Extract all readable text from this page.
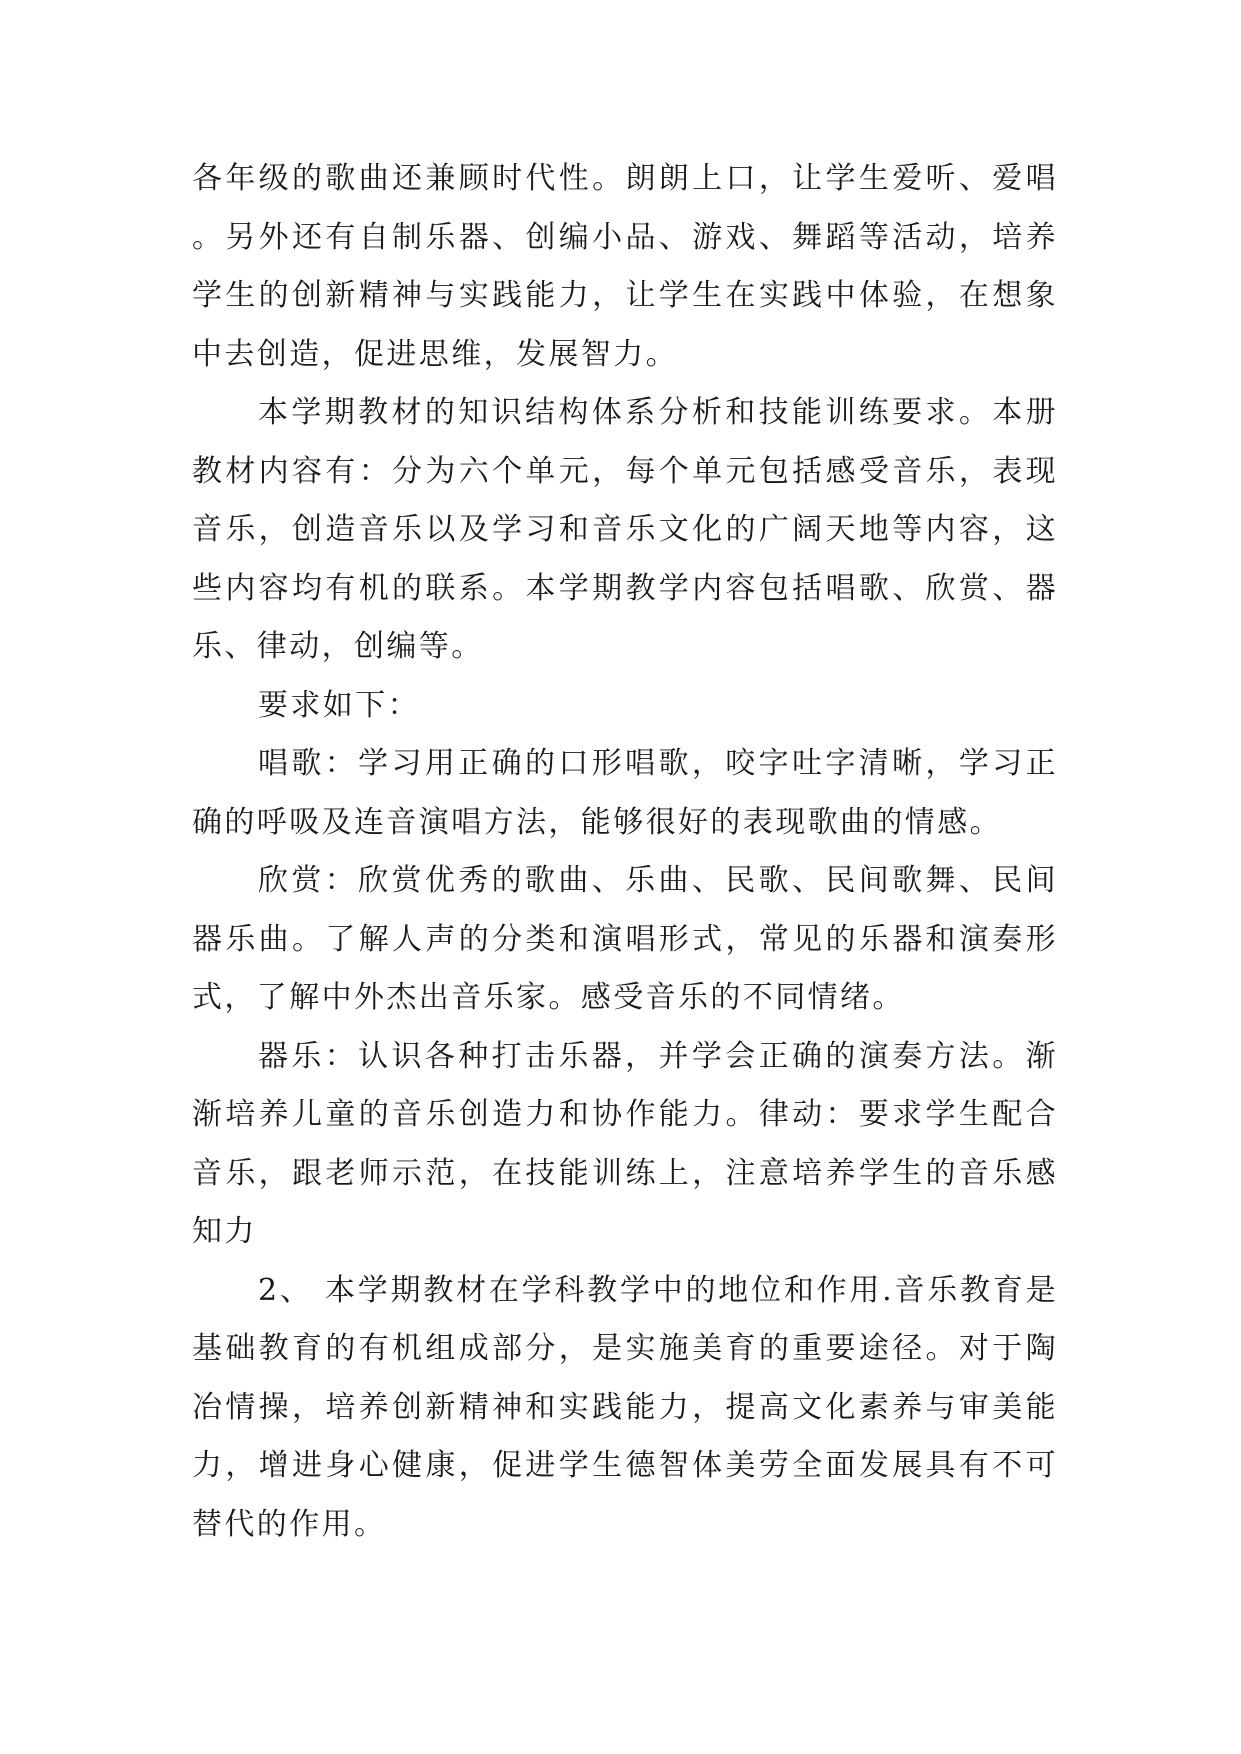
各年级的歌曲还兼顾时代性。朗朗上口，让学生爱听、爱唱。另外还有自制乐器、创编小品、游戏、舞蹈等活动，培养学生的创新精神与实践能力，让学生在实践中体验，在想象中去创造，促进思维，发展智力。

本学期教材的知识结构体系分析和技能训练要求。本册教材内容有：分为六个单元，每个单元包括感受音乐，表现音乐，创造音乐以及学习和音乐文化的广阔天地等内容，这些内容均有机的联系。本学期教学内容包括唱歌、欣赏、器乐、律动，创编等。

要求如下：

唱歌：学习用正确的口形唱歌，咬字吐字清晰，学习正确的呼吸及连音演唱方法，能够很好的表现歌曲的情感。

欣赏：欣赏优秀的歌曲、乐曲、民歌、民间歌舞、民间器乐曲。了解人声的分类和演唱形式，常见的乐器和演奏形式，了解中外杰出音乐家。感受音乐的不同情绪。

器乐：认识各种打击乐器，并学会正确的演奏方法。渐渐培养儿童的音乐创造力和协作能力。律动：要求学生配合音乐，跟老师示范，在技能训练上，注意培养学生的音乐感知力

2、 本学期教材在学科教学中的地位和作用.音乐教育是基础教育的有机组成部分，是实施美育的重要途径。对于陶冶情操，培养创新精神和实践能力，提高文化素养与审美能力，增进身心健康，促进学生德智体美劳全面发展具有不可替代的作用。
